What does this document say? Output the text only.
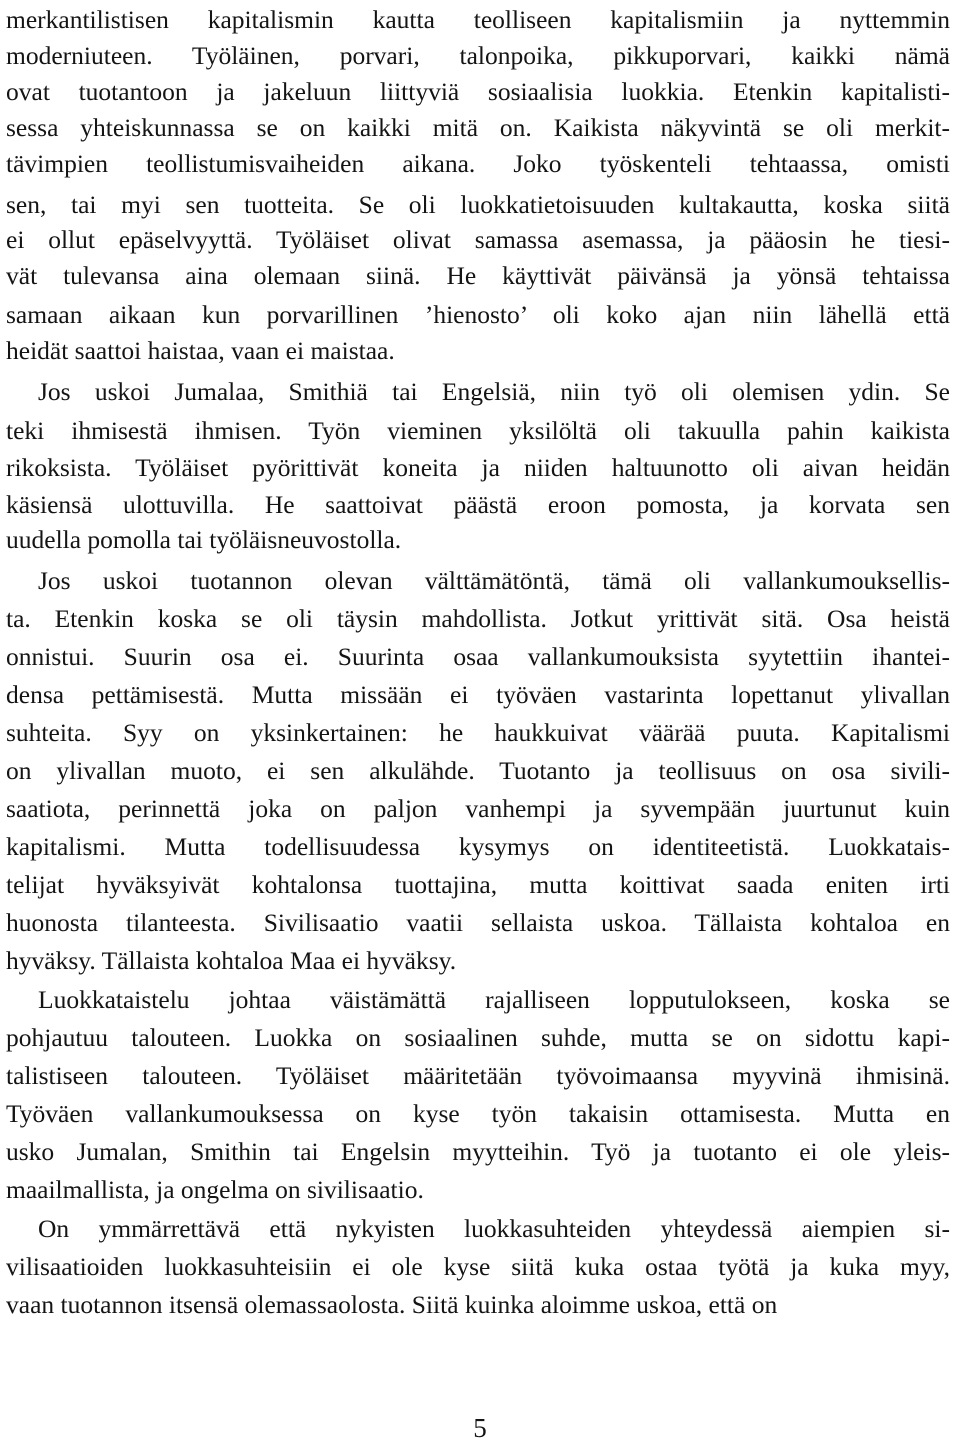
merkantilistisen kapitalismin kautta teolliseen kapitalismiin ja nyttemmin
moderniuteen. Työläinen, porvari, talonpoika, pikkuporvari, kaikki nämä
ovat tuotantoon ja jakeluun liittyviä sosiaalisia luokkia. Etenkin kapitalisti-
sessa yhteiskunnassa se on kaikki mitä on. Kaikista näkyvintä se oli merkit-
tävimpien teollistumisvaiheiden aikana. Joko työskenteli tehtaassa, omisti
sen, tai myi sen tuotteita. Se oli luokkatietoisuuden kultakautta, koska siitä
ei ollut epäselvyyttä. Työläiset olivat samassa asemassa, ja pääosin he tiesi-
vät tulevansa aina olemaan siinä. He käyttivät päivänsä ja yönsä tehtaissa
samaan aikaan kun porvarillinen ’hienosto’ oli koko ajan niin lähellä että
heidät saattoi haistaa, vaan ei maistaa.
Jos uskoi Jumalaa, Smithiä tai Engelsiä, niin työ oli olemisen ydin. Se
teki ihmisestä ihmisen. Työn vieminen yksilöltä oli takuulla pahin kaikista
rikoksista. Työläiset pyörittivät koneita ja niiden haltuunotto oli aivan heidän
käsiensä ulottuvilla. He saattoivat päästä eroon pomosta, ja korvata sen
uudella pomolla tai työläisneuvostolla.
Jos uskoi tuotannon olevan välttämätöntä, tämä oli vallankumouksellis-
ta. Etenkin koska se oli täysin mahdollista. Jotkut yrittivät sitä. Osa heistä
onnistui. Suurin osa ei. Suurinta osaa vallankumouksista syytettiin ihantei-
densa pettämisestä. Mutta missään ei työväen vastarinta lopettanut ylivallan
suhteita. Syy on yksinkertainen: he haukkuivat väärää puuta. Kapitalismi
on ylivallan muoto, ei sen alkulähde. Tuotanto ja teollisuus on osa sivili-
saatiota, perinnettä joka on paljon vanhempi ja syvempään juurtunut kuin
kapitalismi. Mutta todellisuudessa kysymys on identiteetistä. Luokkatais-
telijat hyväksyivät kohtalonsa tuottajina, mutta koittivat saada eniten irti
huonosta tilanteesta. Sivilisaatio vaatii sellaista uskoa. Tällaista kohtaloa en
hyväksy. Tällaista kohtaloa Maa ei hyväksy.
Luokkataistelu johtaa väistämättä rajalliseen lopputulokseen, koska se
pohjautuu talouteen. Luokka on sosiaalinen suhde, mutta se on sidottu kapi-
talistiseen talouteen. Työläiset määritetään työvoimaansa myyvinä ihmisinä.
Työväen vallankumouksessa on kyse työn takaisin ottamisesta. Mutta en
usko Jumalan, Smithin tai Engelsin myytteihin. Työ ja tuotanto ei ole yleis-
maailmallista, ja ongelma on sivilisaatio.
On ymmärrettävä että nykyisten luokkasuhteiden yhteydessä aiempien si-
vilisaatioiden luokkasuhteisiin ei ole kyse siitä kuka ostaa työtä ja kuka myy,
vaan tuotannon itsensä olemassaolosta. Siitä kuinka aloimme uskoa, että on
5
